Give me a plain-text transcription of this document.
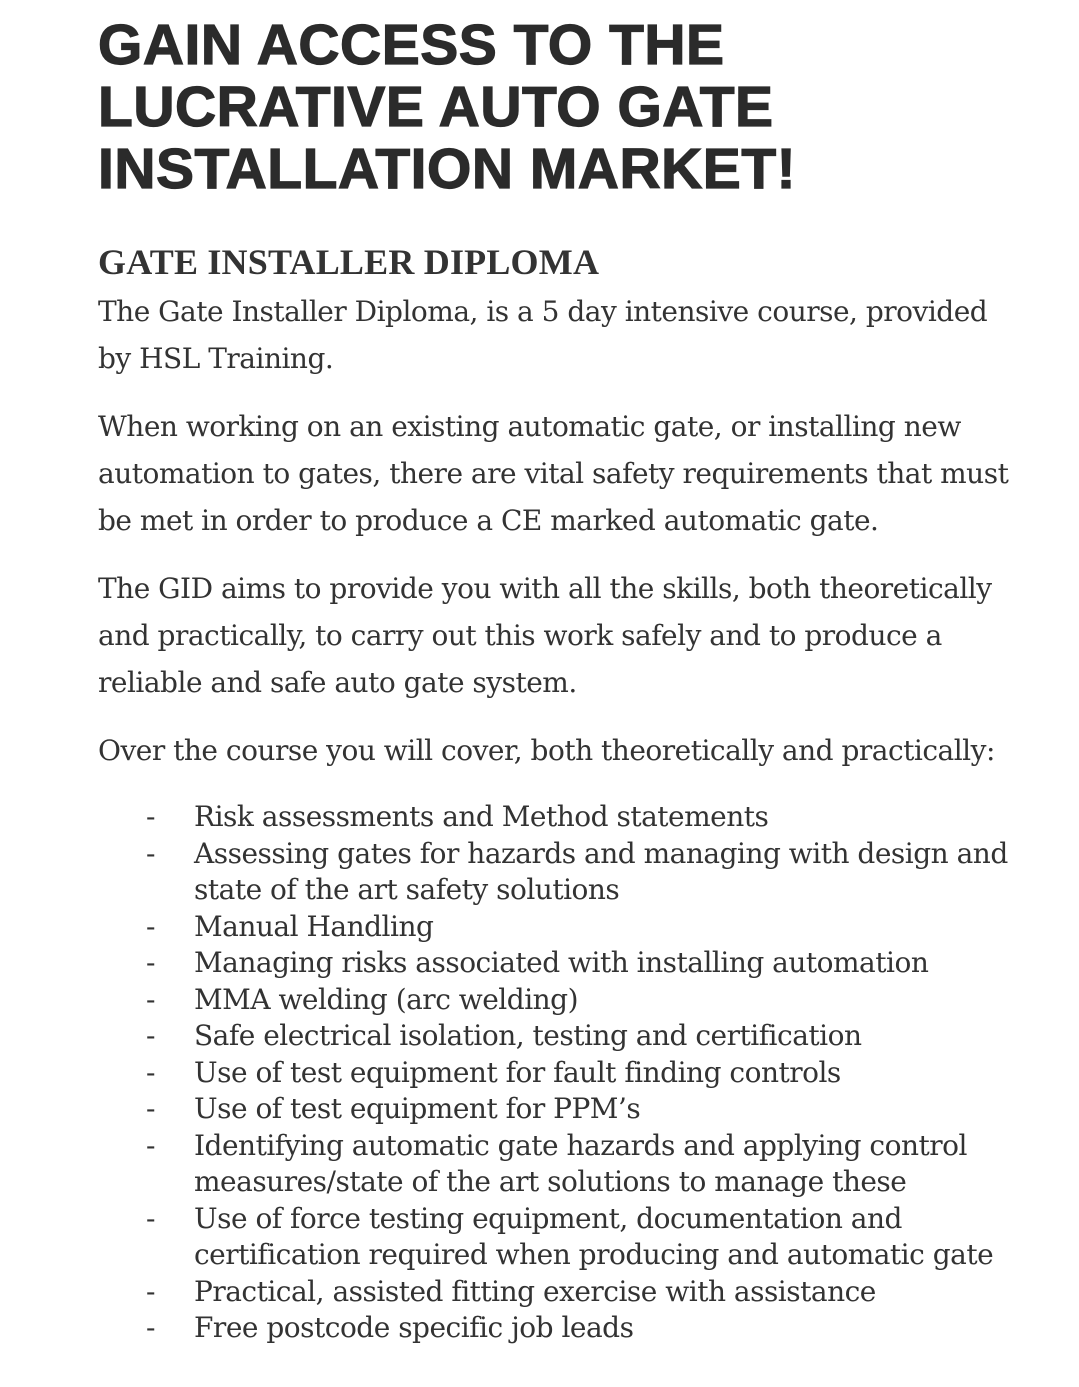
GAIN ACCESS TO THE
LUCRATIVE AUTO GATE
INSTALLATION MARKET!
GATE INSTALLER DIPLOMA

The Gate Installer Diploma, is a 5 day intensive course, provided
by HSL Training.

When working on an existing automatic gate, or installing new
automation to gates, there are vital safety requirements that must
be met in order to produce a CE marked automatic gate.

The GID aims to provide you with all the skills, both theoretically
and practically, to carry out this work safely and to produce a
reliable and safe auto gate system.

Over the course you will cover, both theoretically and practically:

- Risk assessments and Method statements
- Assessing gates for hazards and managing with design and
state of the art safety solutions
- Manual Handling
- Managing risks associated with installing automation
- MMA welding (arc welding)
- Safe electrical isolation, testing and certification
- Use of test equipment for fault finding controls
- Use of test equipment for PPM’s
- Identifying automatic gate hazards and applying control
measures/state of the art solutions to manage these
- Use of force testing equipment, documentation and
certification required when producing and automatic gate
- Practical, assisted fitting exercise with assistance
- Free postcode specific job leads
